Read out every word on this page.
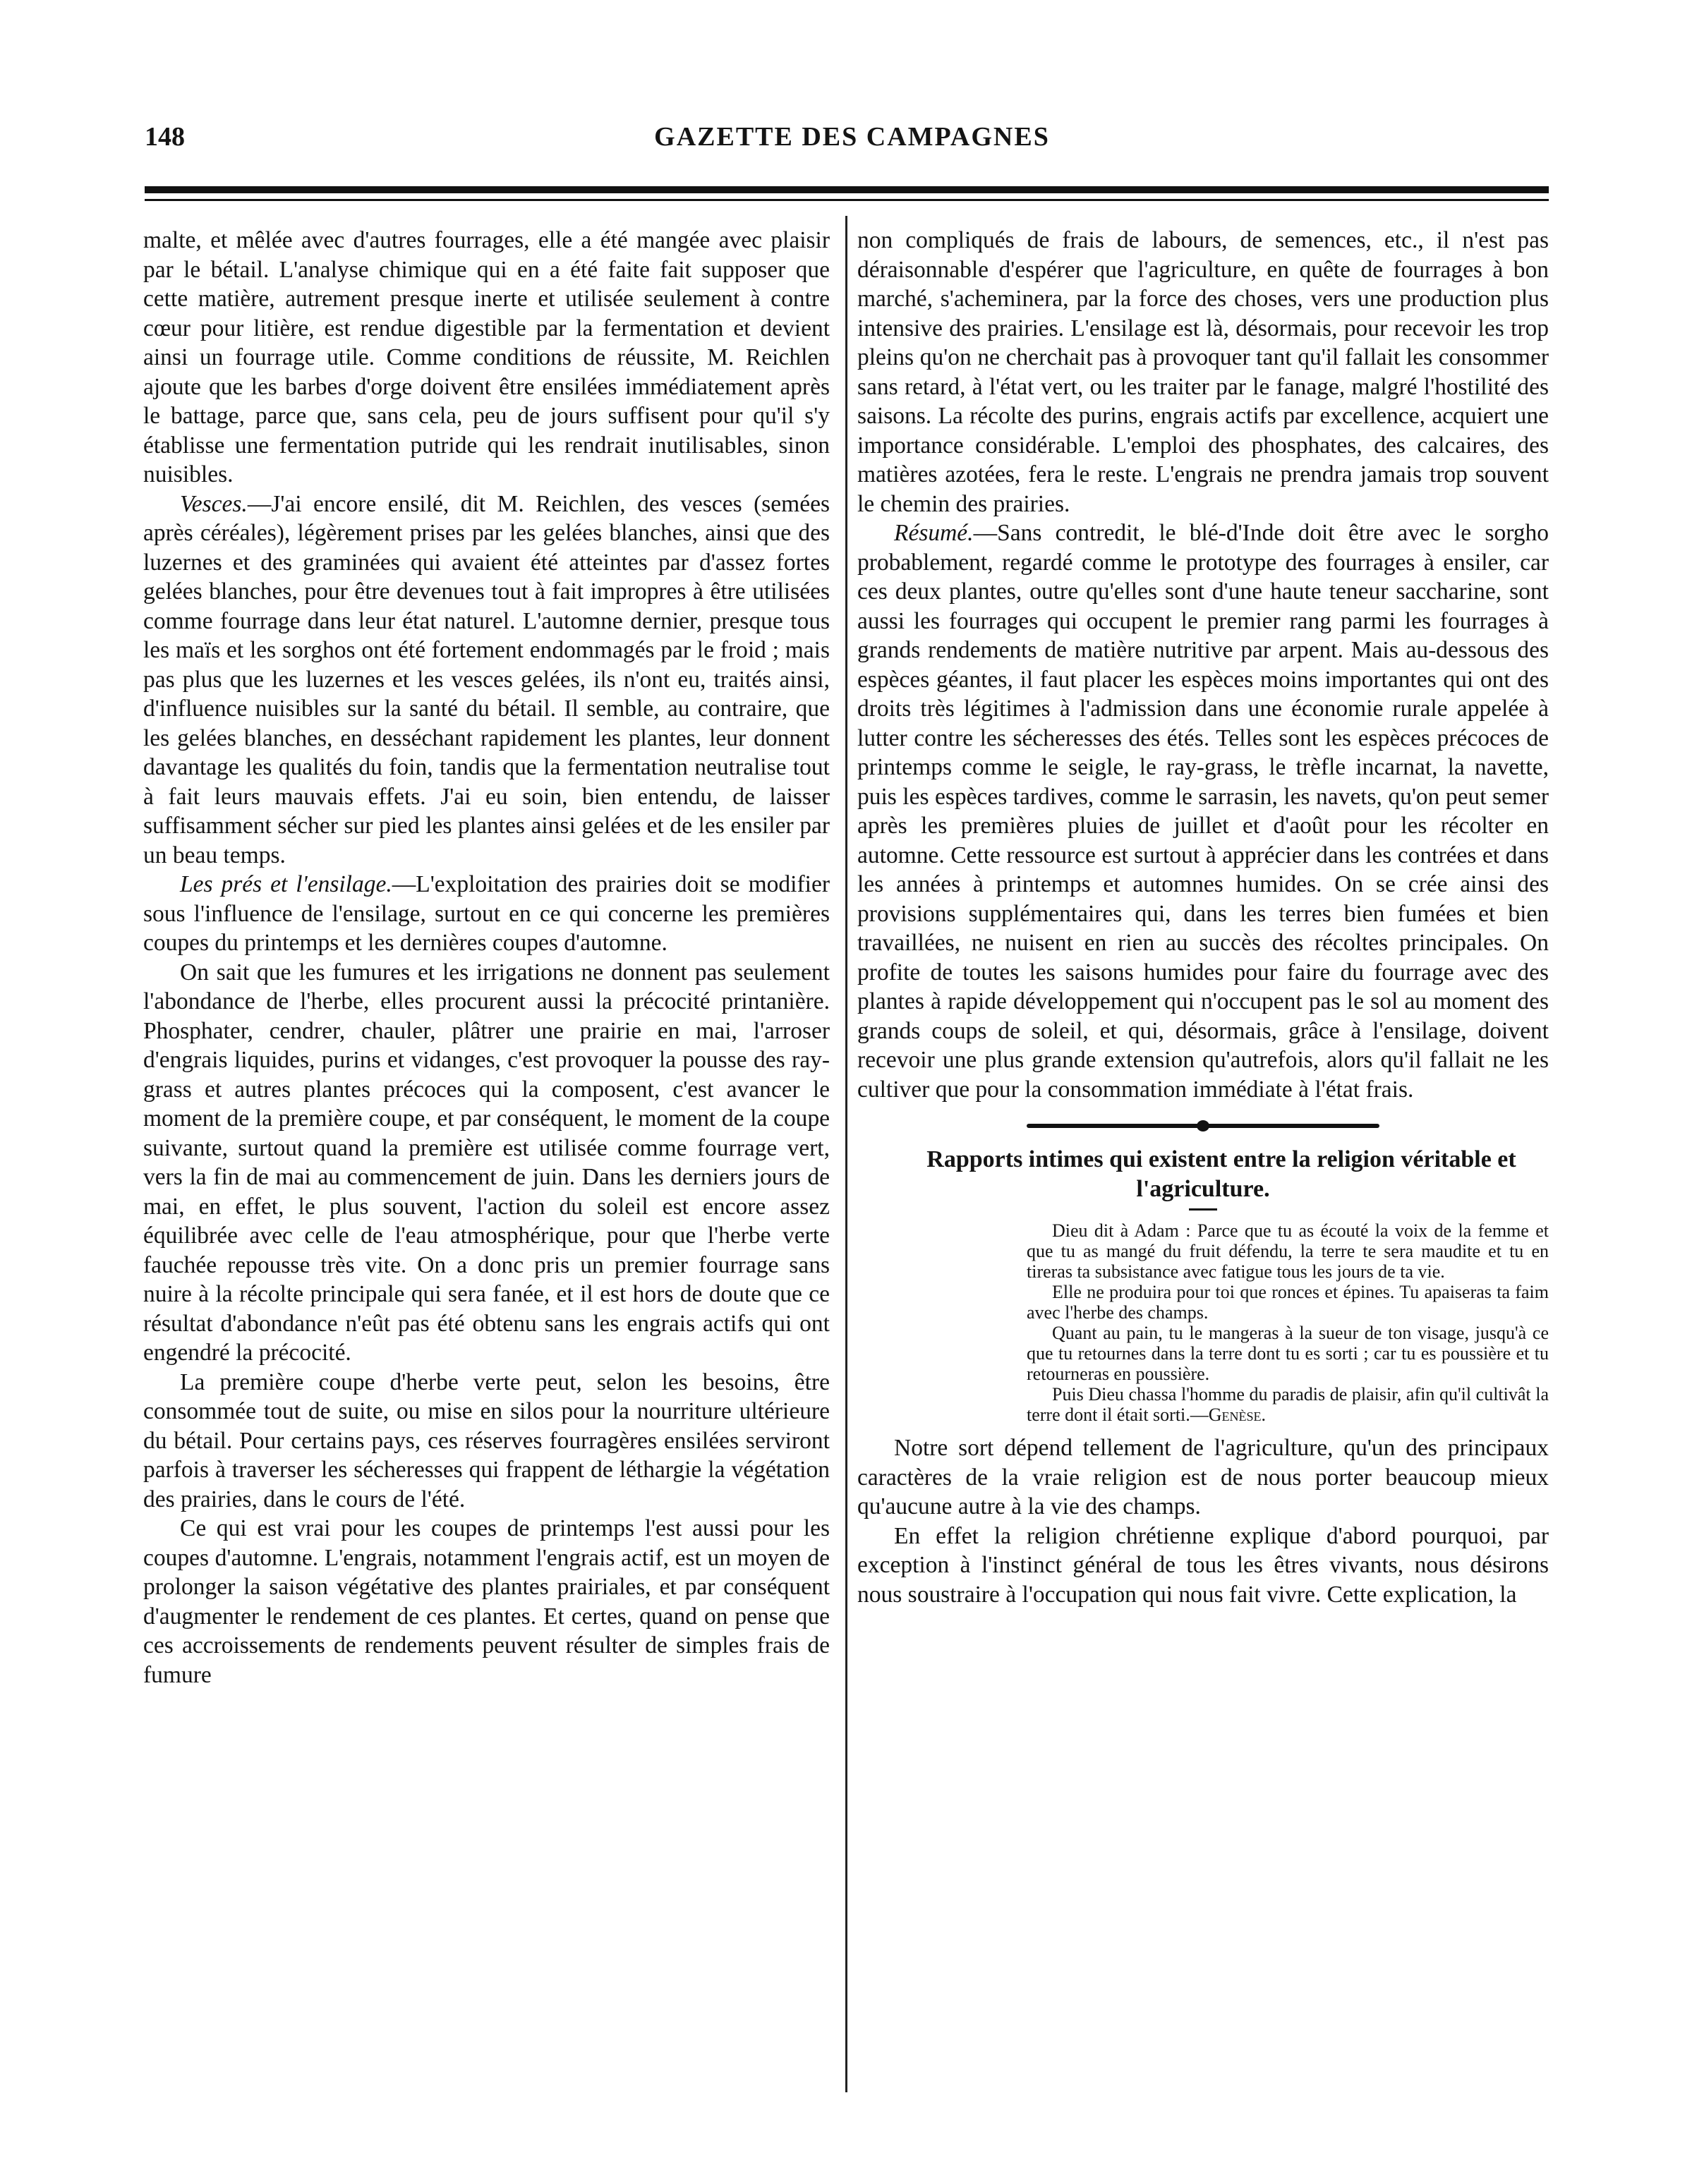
148	GAZETTE DES CAMPAGNES

malte, et mêlée avec d'autres fourrages, elle a été mangée avec plaisir par le bétail. L'analyse chimique qui en a été faite fait supposer que cette matière, autrement presque inerte et utilisée seulement à contre cœur pour litière, est rendue digestible par la fermentation et devient ainsi un fourrage utile. Comme conditions de réussite, M. Reichlen ajoute que les barbes d'orge doivent être ensilées immédiatement après le battage, parce que, sans cela, peu de jours suffisent pour qu'il s'y établisse une fermentation putride qui les rendrait inutilisables, sinon nuisibles.

Vesces.—J'ai encore ensilé, dit M. Reichlen, des vesces (semées après céréales), légèrement prises par les gelées blanches, ainsi que des luzernes et des graminées qui avaient été atteintes par d'assez fortes gelées blanches, pour être devenues tout à fait impropres à être utilisées comme fourrage dans leur état naturel. L'automne dernier, presque tous les maïs et les sorghos ont été fortement endommagés par le froid ; mais pas plus que les luzernes et les vesces gelées, ils n'ont eu, traités ainsi, d'influence nuisibles sur la santé du bétail. Il semble, au contraire, que les gelées blanches, en desséchant rapidement les plantes, leur donnent davantage les qualités du foin, tandis que la fermentation neutralise tout à fait leurs mauvais effets. J'ai eu soin, bien entendu, de laisser suffisamment sécher sur pied les plantes ainsi gelées et de les ensiler par un beau temps.

Les prés et l'ensilage.—L'exploitation des prairies doit se modifier sous l'influence de l'ensilage, surtout en ce qui concerne les premières coupes du printemps et les dernières coupes d'automne.

On sait que les fumures et les irrigations ne donnent pas seulement l'abondance de l'herbe, elles procurent aussi la précocité printanière. Phosphater, cendrer, chauler, plâtrer une prairie en mai, l'arroser d'engrais liquides, purins et vidanges, c'est provoquer la pousse des ray-grass et autres plantes précoces qui la composent, c'est avancer le moment de la première coupe, et par conséquent, le moment de la coupe suivante, surtout quand la première est utilisée comme fourrage vert, vers la fin de mai au commencement de juin. Dans les derniers jours de mai, en effet, le plus souvent, l'action du soleil est encore assez équilibrée avec celle de l'eau atmosphérique, pour que l'herbe verte fauchée repousse très vite. On a donc pris un premier fourrage sans nuire à la récolte principale qui sera fanée, et il est hors de doute que ce résultat d'abondance n'eût pas été obtenu sans les engrais actifs qui ont engendré la précocité.

La première coupe d'herbe verte peut, selon les besoins, être consommée tout de suite, ou mise en silos pour la nourriture ultérieure du bétail. Pour certains pays, ces réserves fourragères ensilées serviront parfois à traverser les sécheresses qui frappent de léthargie la végétation des prairies, dans le cours de l'été.

Ce qui est vrai pour les coupes de printemps l'est aussi pour les coupes d'automne. L'engrais, notamment l'engrais actif, est un moyen de prolonger la saison végétative des plantes prairiales, et par conséquent d'augmenter le rendement de ces plantes. Et certes, quand on pense que ces accroissements de rendements peuvent résulter de simples frais de fumure

non compliqués de frais de labours, de semences, etc., il n'est pas déraisonnable d'espérer que l'agriculture, en quête de fourrages à bon marché, s'acheminera, par la force des choses, vers une production plus intensive des prairies. L'ensilage est là, désormais, pour recevoir les trop pleins qu'on ne cherchait pas à provoquer tant qu'il fallait les consommer sans retard, à l'état vert, ou les traiter par le fanage, malgré l'hostilité des saisons. La récolte des purins, engrais actifs par excellence, acquiert une importance considérable. L'emploi des phosphates, des calcaires, des matières azotées, fera le reste. L'engrais ne prendra jamais trop souvent le chemin des prairies.

Résumé.—Sans contredit, le blé-d'Inde doit être avec le sorgho probablement, regardé comme le prototype des fourrages à ensiler, car ces deux plantes, outre qu'elles sont d'une haute teneur saccharine, sont aussi les fourrages qui occupent le premier rang parmi les fourrages à grands rendements de matière nutritive par arpent. Mais au-dessous des espèces géantes, il faut placer les espèces moins importantes qui ont des droits très légitimes à l'admission dans une économie rurale appelée à lutter contre les sécheresses des étés. Telles sont les espèces précoces de printemps comme le seigle, le ray-grass, le trèfle incarnat, la navette, puis les espèces tardives, comme le sarrasin, les navets, qu'on peut semer après les premières pluies de juillet et d'août pour les récolter en automne. Cette ressource est surtout à apprécier dans les contrées et dans les années à printemps et automnes humides. On se crée ainsi des provisions supplémentaires qui, dans les terres bien fumées et bien travaillées, ne nuisent en rien au succès des récoltes principales. On profite de toutes les saisons humides pour faire du fourrage avec des plantes à rapide développement qui n'occupent pas le sol au moment des grands coups de soleil, et qui, désormais, grâce à l'ensilage, doivent recevoir une plus grande extension qu'autrefois, alors qu'il fallait ne les cultiver que pour la consommation immédiate à l'état frais.

Rapports intimes qui existent entre la religion véritable et l'agriculture.

Dieu dit à Adam : Parce que tu as écouté la voix de la femme et que tu as mangé du fruit défendu, la terre te sera maudite et tu en tireras ta subsistance avec fatigue tous les jours de ta vie.

Elle ne produira pour toi que ronces et épines. Tu apaiseras ta faim avec l'herbe des champs.

Quant au pain, tu le mangeras à la sueur de ton visage, jusqu'à ce que tu retournes dans la terre dont tu es sorti ; car tu es poussière et tu retourneras en poussière.

Puis Dieu chassa l'homme du paradis de plaisir, afin qu'il cultivât la terre dont il était sorti.—Genèse.

Notre sort dépend tellement de l'agriculture, qu'un des principaux caractères de la vraie religion est de nous porter beaucoup mieux qu'aucune autre à la vie des champs.

En effet la religion chrétienne explique d'abord pourquoi, par exception à l'instinct général de tous les êtres vivants, nous désirons nous soustraire à l'occupation qui nous fait vivre. Cette explication, la
